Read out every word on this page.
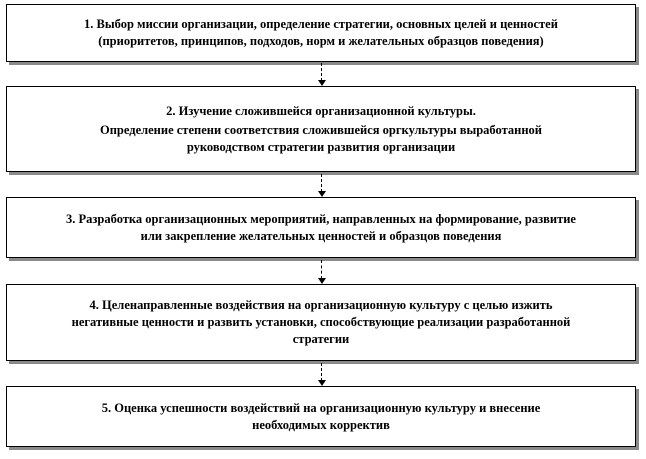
1. Выбор миссии организации, определение стратегии, основных целей и ценностей
(приоритетов, принципов, подходов, норм и желательных образцов поведения)
2. Изучение сложившейся организационной культуры.
Определение степени соответствия сложившейся оргкультуры выработанной
руководством стратегии развития организации
3. Разработка организационных мероприятий, направленных на формирование, развитие
или закрепление желательных ценностей и образцов поведения
4. Целенаправленные воздействия на организационную культуру с целью изжить
негативные ценности и развить установки, способствующие реализации разработанной
стратегии
5. Оценка успешности воздействий на организационную культуру и внесение
необходимых корректив
